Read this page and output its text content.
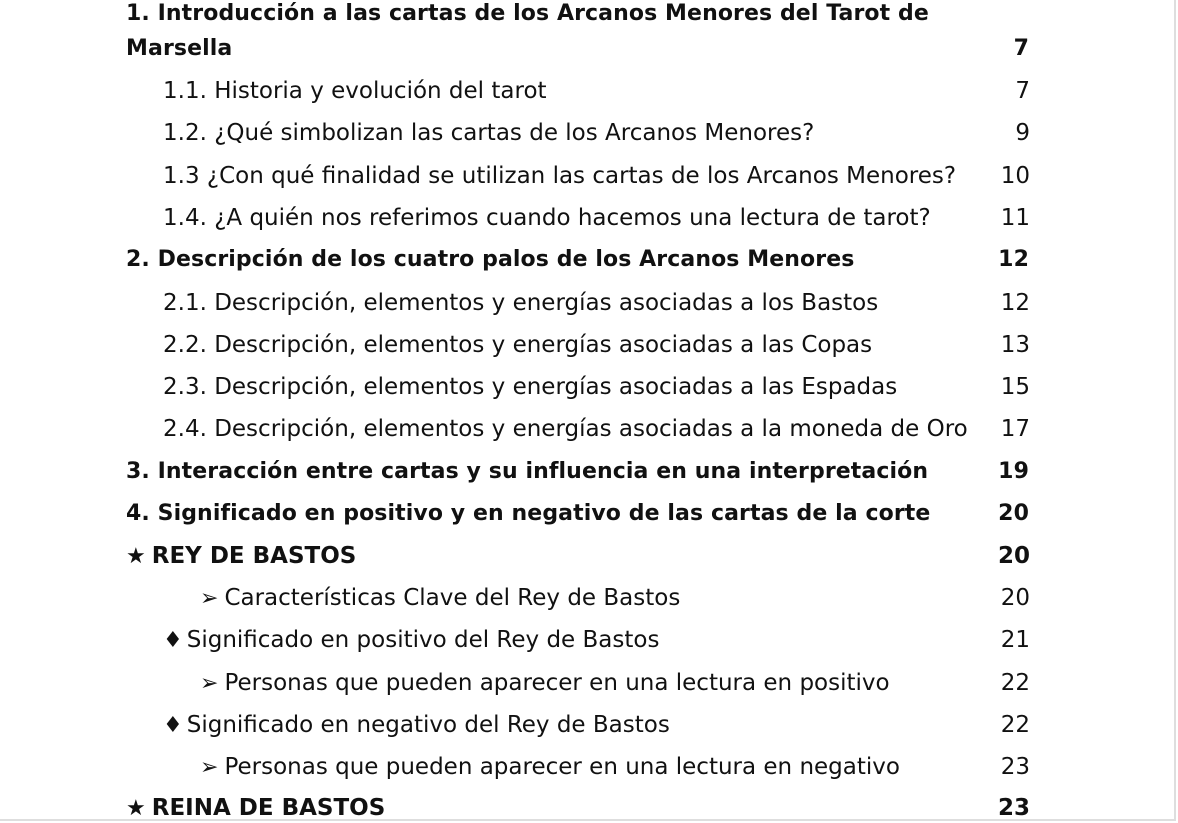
1. Introducción a las cartas de los Arcanos Menores del Tarot de Marsella	7
1.1. Historia y evolución del tarot	7
1.2. ¿Qué simbolizan las cartas de los Arcanos Menores?	9
1.3 ¿Con qué finalidad se utilizan las cartas de los Arcanos Menores? 10
1.4. ¿A quién nos referimos cuando hacemos una lectura de tarot?	11
2. Descripción de los cuatro palos de los Arcanos Menores	12
2.1. Descripción, elementos y energías asociadas a los Bastos	12
2.2. Descripción, elementos y energías asociadas a las Copas	13
2.3. Descripción, elementos y energías asociadas a las Espadas	15
2.4. Descripción, elementos y energías asociadas a la moneda de Oro 17
3. Interacción entre cartas y su influencia en una interpretación	19
4. Significado en positivo y en negativo de las cartas de la corte	20
★ REY DE BASTOS	20
➢ Características Clave del Rey de Bastos	20
♦ Significado en positivo del Rey de Bastos	21
➢ Personas que pueden aparecer en una lectura en positivo	22
♦ Significado en negativo del Rey de Bastos	22
➢ Personas que pueden aparecer en una lectura en negativo	23
★ REINA DE BASTOS	23
